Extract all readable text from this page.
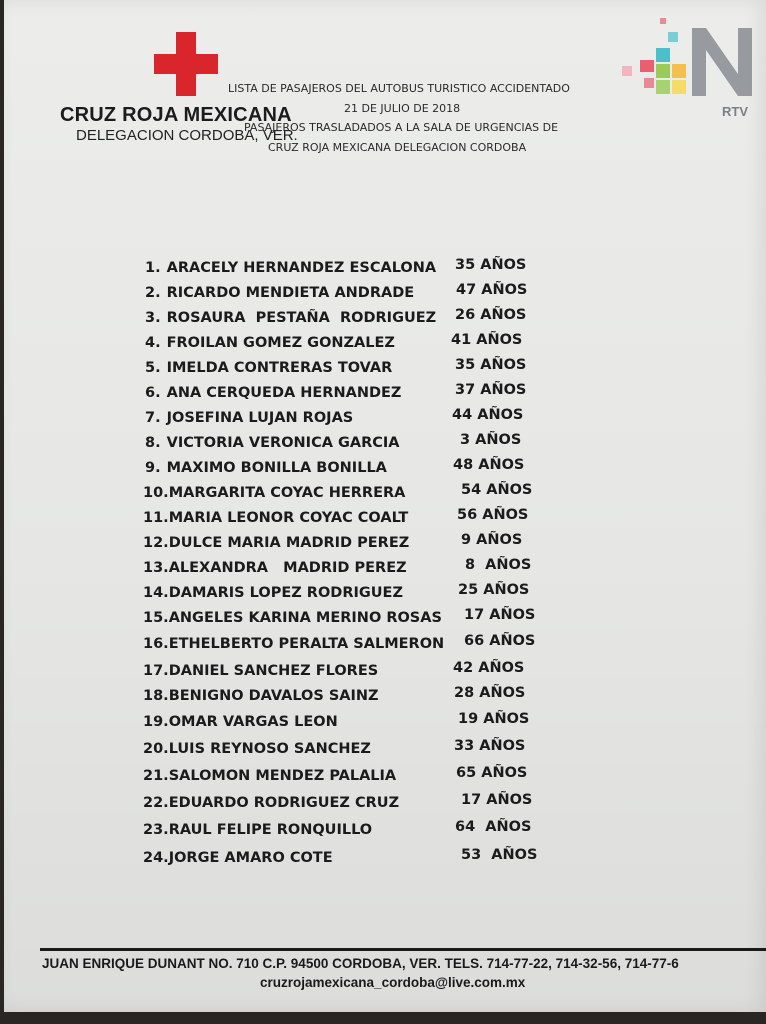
CRUZ ROJA MEXICANA
DELEGACION CORDOBA, VER.
LISTA DE PASAJEROS DEL AUTOBUS TURISTICO ACCIDENTADO
21 DE JULIO DE 2018
PASAJEROS TRASLADADOS A LA SALA DE URGENCIAS DE
CRUZ ROJA MEXICANA DELEGACION CORDOBA
RTV
1. ARACELY HERNANDEZ ESCALONA 35 AÑOS
2. RICARDO MENDIETA ANDRADE	47 AÑOS
3. ROSAURA  PESTAÑA  RODRIGUEZ 26 AÑOS
4. FROILAN GOMEZ GONZALEZ	41 AÑOS
5. IMELDA CONTRERAS TOVAR	35 AÑOS
6. ANA CERQUEDA HERNANDEZ	37 AÑOS
7. JOSEFINA LUJAN ROJAS	44 AÑOS
8. VICTORIA VERONICA GARCIA	3 AÑOS
9. MAXIMO BONILLA BONILLA	48 AÑOS
10.MARGARITA COYAC HERRERA	54 AÑOS
11.MARIA LEONOR COYAC COALT	56 AÑOS
12.DULCE MARIA MADRID PEREZ	9 AÑOS
13.ALEXANDRA   MADRID PEREZ	8  AÑOS
14.DAMARIS LOPEZ RODRIGUEZ	25 AÑOS
15.ANGELES KARINA MERINO ROSAS 17 AÑOS
16.ETHELBERTO PERALTA SALMERON 66 AÑOS
17.DANIEL SANCHEZ FLORES	42 AÑOS
18.BENIGNO DAVALOS SAINZ	28 AÑOS
19.OMAR VARGAS LEON	19 AÑOS
20.LUIS REYNOSO SANCHEZ	33 AÑOS
21.SALOMON MENDEZ PALALIA	65 AÑOS
22.EDUARDO RODRIGUEZ CRUZ	17 AÑOS
23.RAUL FELIPE RONQUILLO	64  AÑOS
24.JORGE AMARO COTE	53  AÑOS
JUAN ENRIQUE DUNANT NO. 710 C.P. 94500 CORDOBA, VER. TELS. 714-77-22, 714-32-56, 714-77-6
cruzrojamexicana_cordoba@live.com.mx
